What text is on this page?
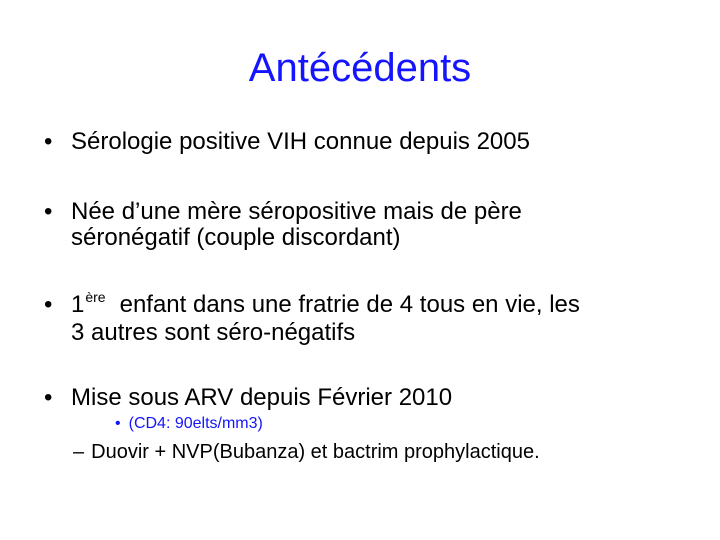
Antécédents
• Sérologie positive VIH connue depuis 2005
• Née d’une mère séropositive mais de père
séronégatif (couple discordant)
• 1ère enfant dans une fratrie de 4 tous en vie, les
3 autres sont séro-négatifs
• Mise sous ARV depuis Février 2010
• (CD4: 90elts/mm3)
– Duovir + NVP(Bubanza) et bactrim prophylactique.
